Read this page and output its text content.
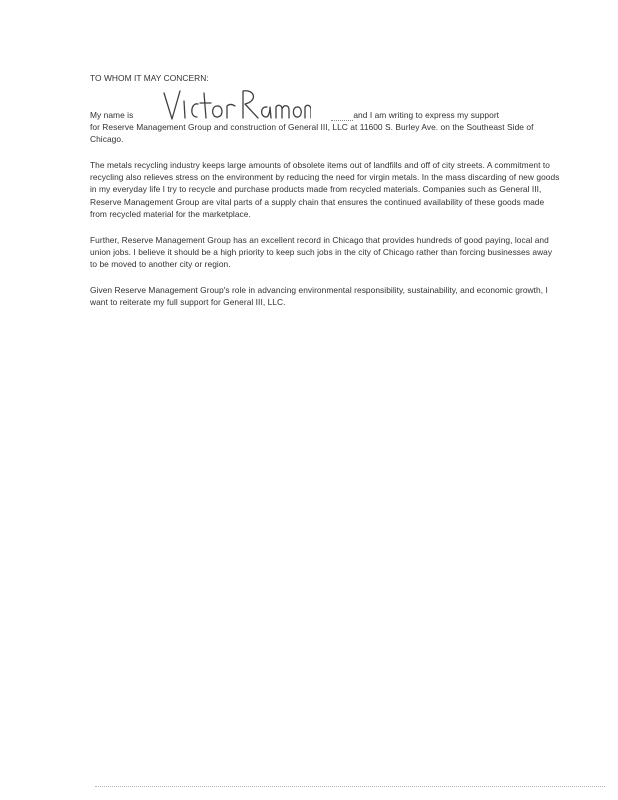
TO WHOM IT MAY CONCERN:
My name is	and I am writing to express my support
for Reserve Management Group and construction of General III, LLC at 11600 S. Burley Ave. on the Southeast Side of Chicago.

The metals recycling industry keeps large amounts of obsolete items out of landfills and off of city streets. A commitment to recycling also relieves stress on the environment by reducing the need for virgin metals. In the mass discarding of new goods in my everyday life I try to recycle and purchase products made from recycled materials. Companies such as General III, Reserve Management Group are vital parts of a supply chain that ensures the continued availability of these goods made from recycled material for the marketplace.

Further, Reserve Management Group has an excellent record in Chicago that provides hundreds of good paying, local and union jobs. I believe it should be a high priority to keep such jobs in the city of Chicago rather than forcing businesses away to be moved to another city or region.

Given Reserve Management Group's role in advancing environmental responsibility, sustainability, and economic growth, I want to reiterate my full support for General III, LLC.
